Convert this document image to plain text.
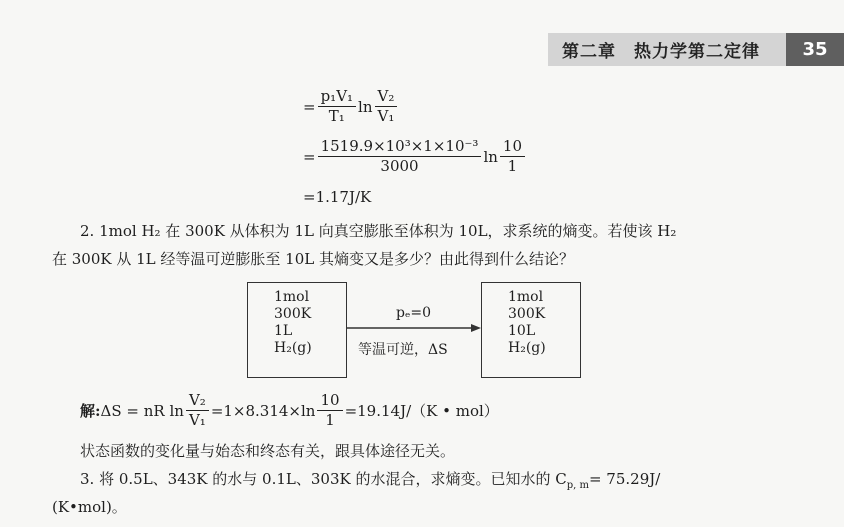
第二章　热力学第二定律	35
= $\frac{\text{p₁V₁}}{\text{T₁}}$ $\ln \frac{\text{V₂}}{\text{V₁}}$
= $\frac{\text{1519.9×10³×1×10⁻³}}{3000}$ $\ln \frac{10}{1}$
=1.17J/K
2. 1mol H₂ 在 300K 从体积为 1L 向真空膨胀至体积为 10L，求系统的熵变。若使该 H₂
在 300K 从 1L 经等温可逆膨胀至 10L 其熵变又是多少？由此得到什么结论？
1mol
300K
1L
H₂(g)
1mol
300K
10L
H₂(g)
pₑ=0
等温可逆，ΔS
解: ΔS = nR $\ln \frac{\text{V₂}}{\text{V₁}} =1\times 8.314\times\ln \frac{10}{1} =19.14J/(K$ • mol）
状态函数的变化量与始态和终态有关，跟具体途径无关。
3. 将 0.5L、343K 的水与 0.1L、303K 的水混合，求熵变。已知水的 $C_{p, m}= 75.29J/$
(K•mol)。
